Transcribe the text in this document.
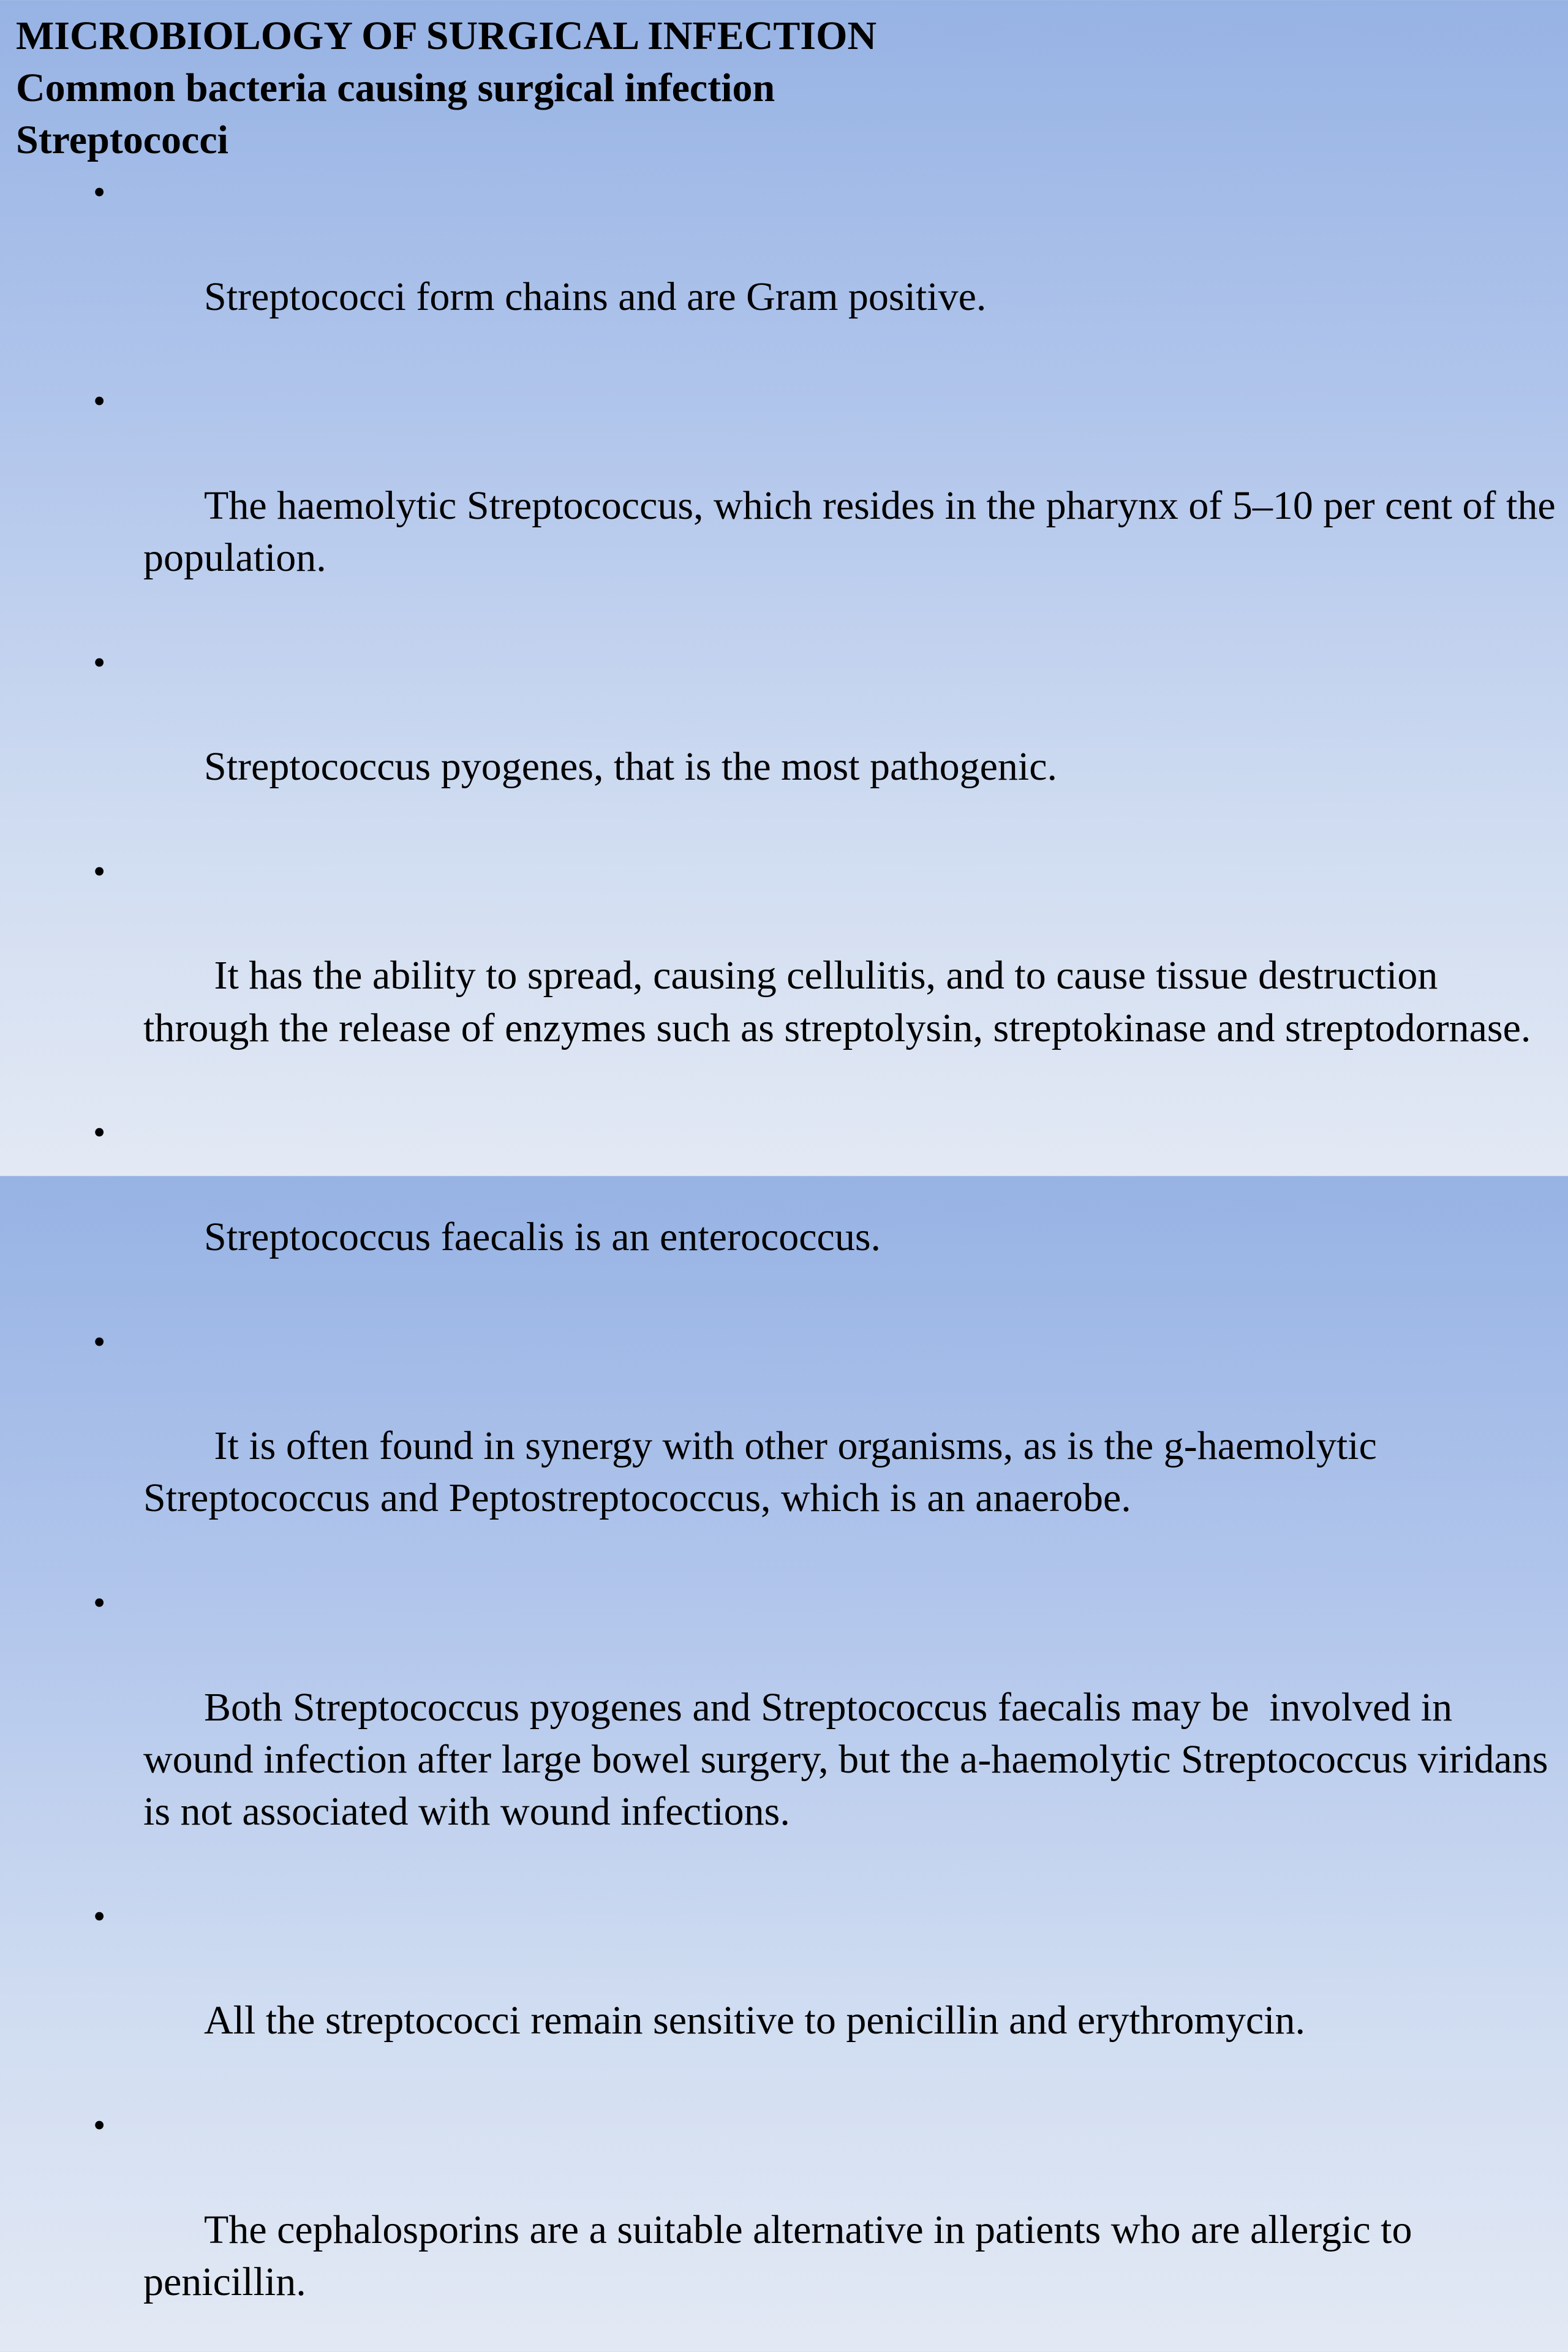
MICROBIOLOGY OF SURGICAL INFECTION
Common bacteria causing surgical infection
Streptococci

•

Streptococci form chains and are Gram positive.

•

The haemolytic Streptococcus, which resides in the pharynx of 5–10 per cent of the population.

•

Streptococcus pyogenes, that is the most pathogenic.

•

It has the ability to spread, causing cellulitis, and to cause tissue destruction through the release of enzymes such as streptolysin, streptokinase and streptodornase.

•

Streptococcus faecalis is an enterococcus.

•

It is often found in synergy with other organisms, as is the g-haemolytic Streptococcus and Peptostreptococcus, which is an anaerobe.

•

Both Streptococcus pyogenes and Streptococcus faecalis may be  involved in wound infection after large bowel surgery, but the a-haemolytic Streptococcus viridans is not associated with wound infections.

•

All the streptococci remain sensitive to penicillin and erythromycin.

•

The cephalosporins are a suitable alternative in patients who are allergic to penicillin.
